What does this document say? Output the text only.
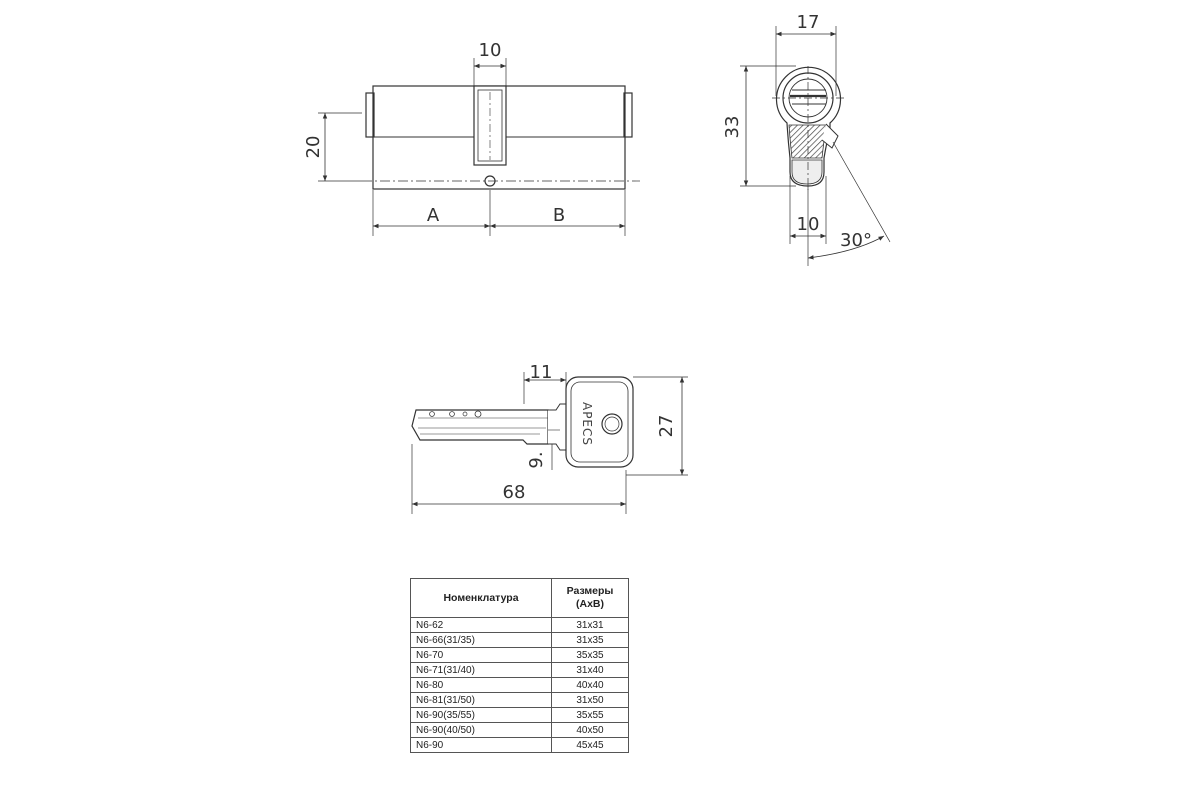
10
20
A	B
17
33
10
30°
APECS
11
27
9.
68
Номенклатура	Размеры
(AxB)
N6-62	31x31
N6-66(31/35)	31x35
N6-70	35x35
N6-71(31/40)	31x40
N6-80	40x40
N6-81(31/50)	31x50
N6-90(35/55)	35x55
N6-90(40/50)	40x50
N6-90	45x45
